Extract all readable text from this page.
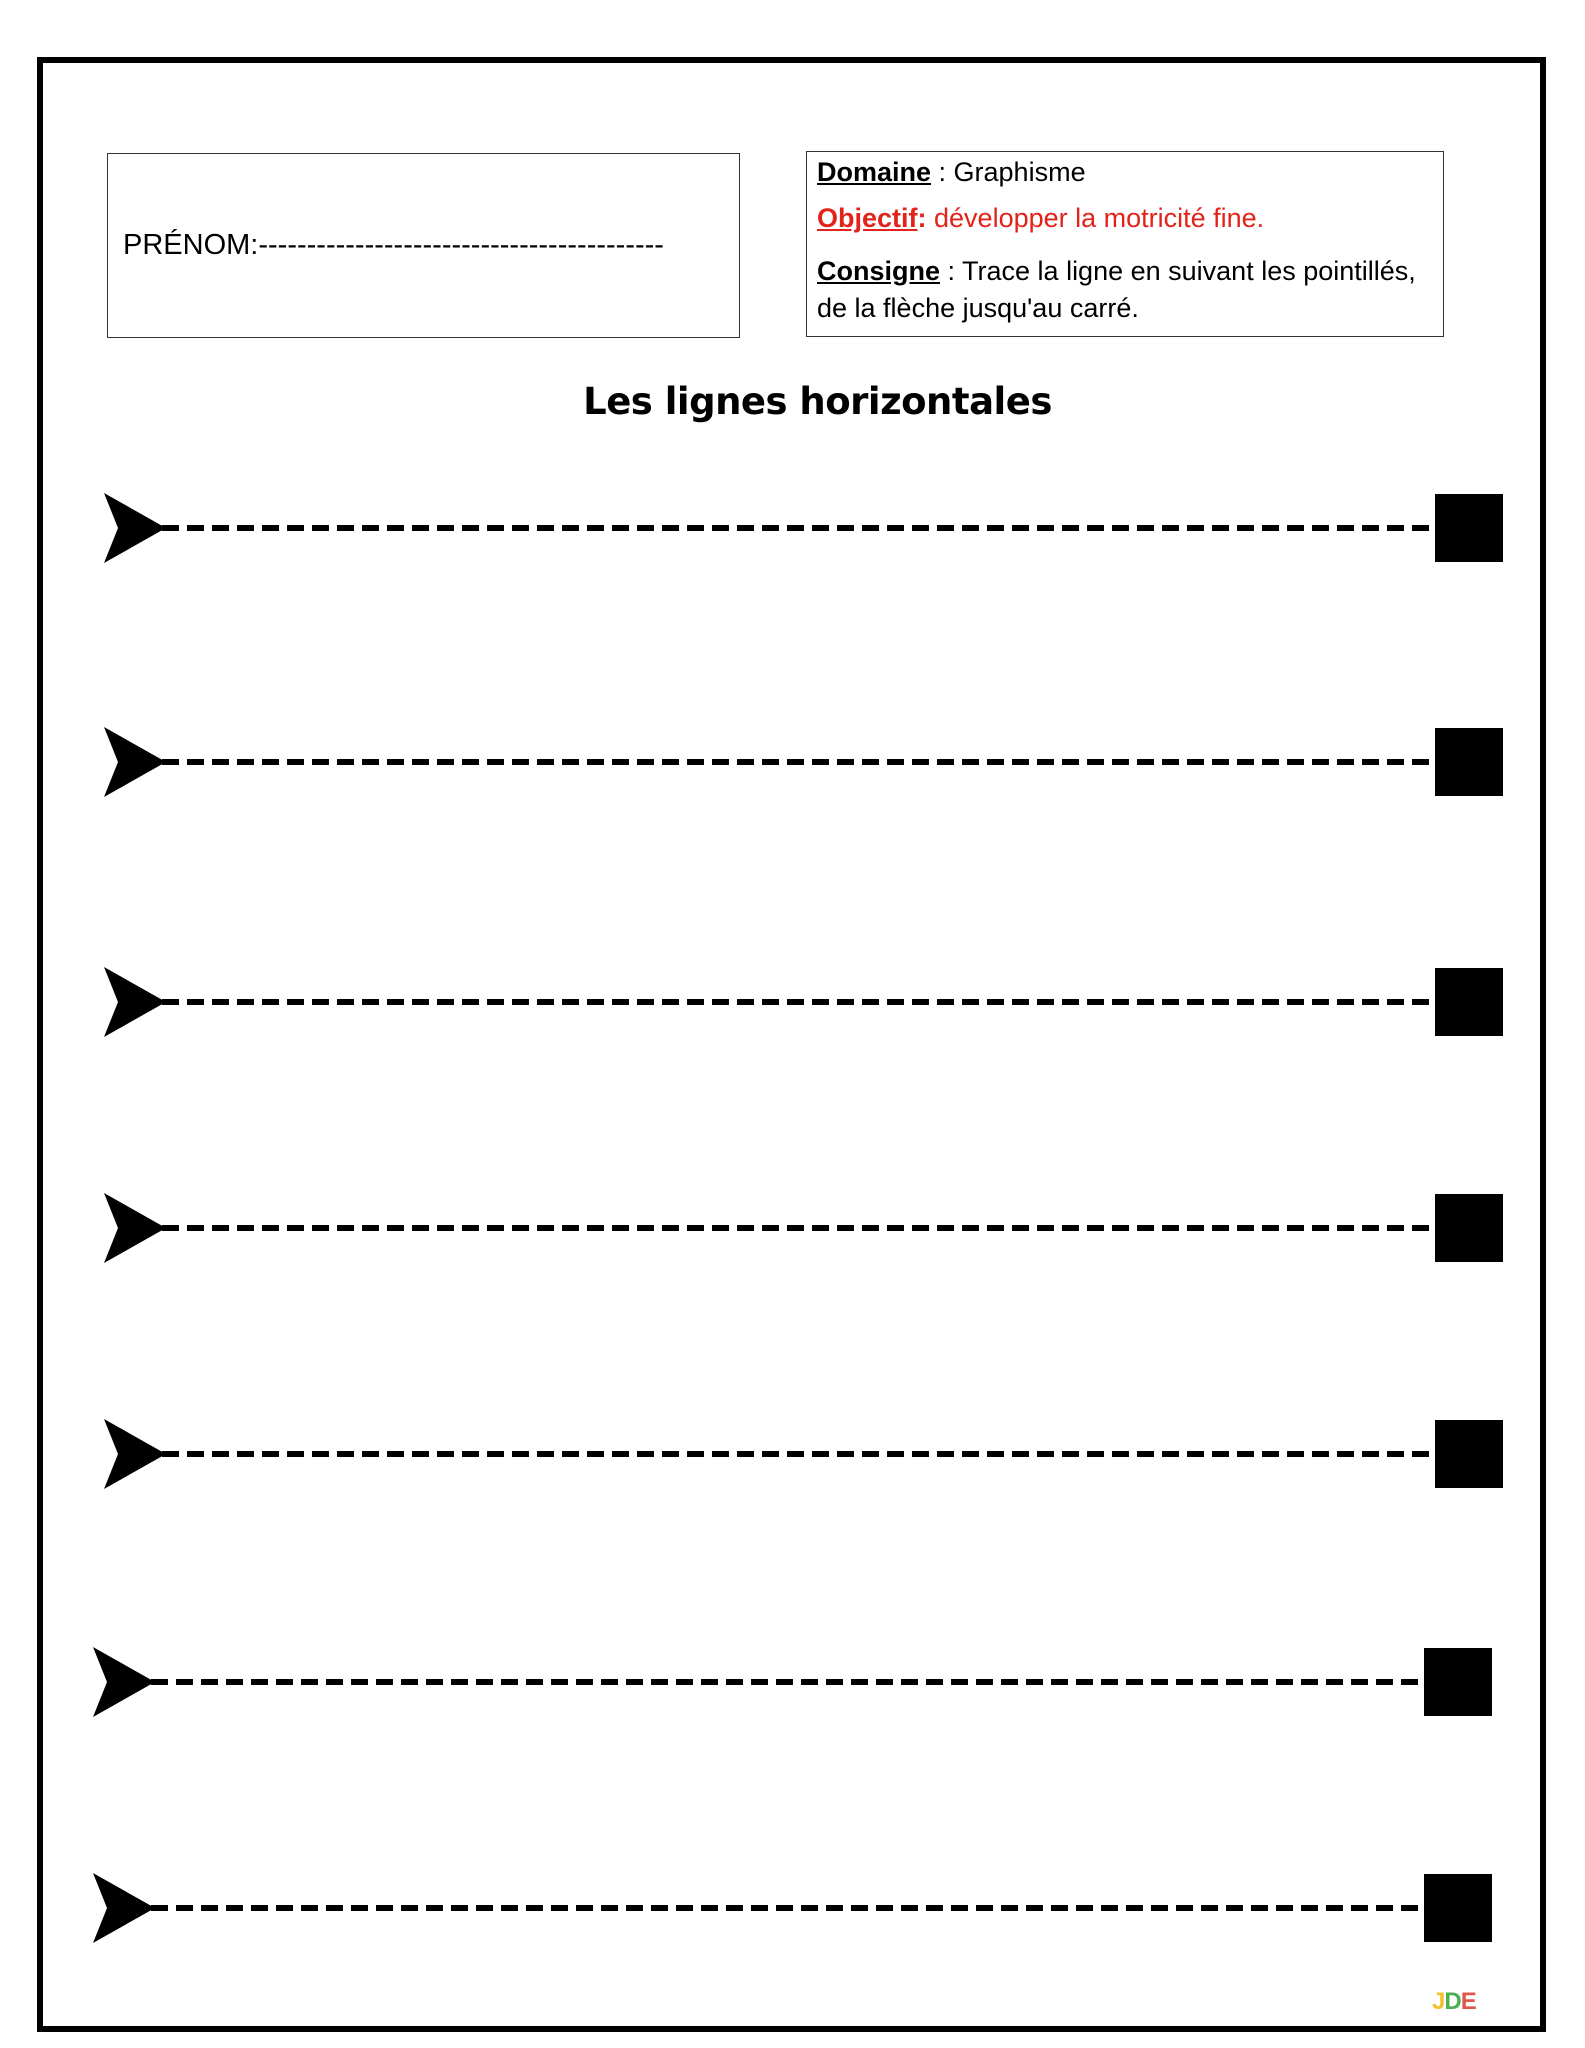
PRÉNOM: ------------------------------------------
Domaine : Graphisme
Objectif: développer la motricité fine.
Consigne : Trace la ligne en suivant les pointillés, de la flèche jusqu'au carré.
Les lignes horizontales
JDE
